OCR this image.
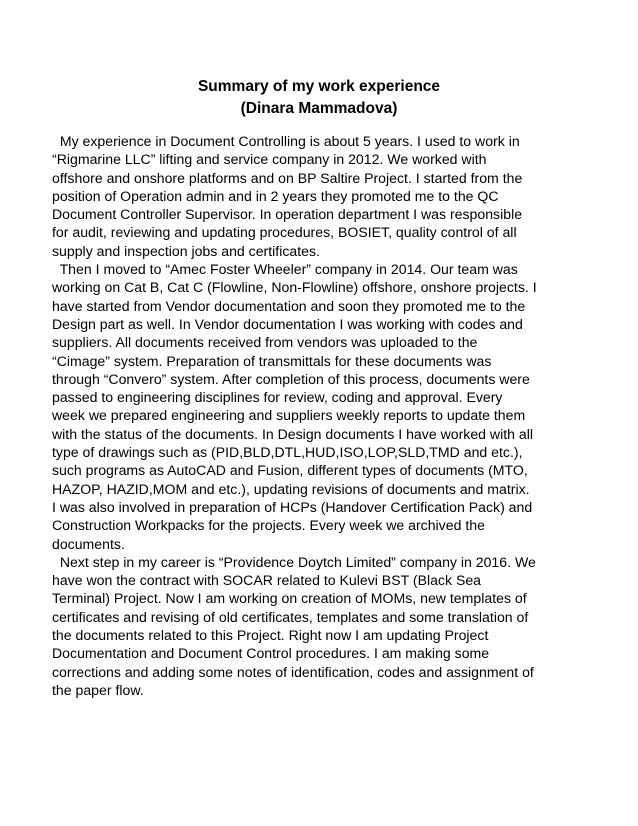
Summary of my work experience
(Dinara Mammadova)
My experience in Document Controlling is about 5 years. I used to work in
“Rigmarine LLC” lifting and service company in 2012. We worked with
offshore and onshore platforms and on BP Saltire Project. I started from the
position of Operation admin and in 2 years they promoted me to the QC
Document Controller Supervisor. In operation department I was responsible
for audit, reviewing and updating procedures, BOSIET, quality control of all
supply and inspection jobs and certificates.
Then I moved to “Amec Foster Wheeler” company in 2014. Our team was
working on Cat B, Cat C (Flowline, Non-Flowline) offshore, onshore projects. I
have started from Vendor documentation and soon they promoted me to the
Design part as well. In Vendor documentation I was working with codes and
suppliers. All documents received from vendors was uploaded to the
“Cimage” system. Preparation of transmittals for these documents was
through “Convero” system. After completion of this process, documents were
passed to engineering disciplines for review, coding and approval. Every
week we prepared engineering and suppliers weekly reports to update them
with the status of the documents. In Design documents I have worked with all
type of drawings such as (PID,BLD,DTL,HUD,ISO,LOP,SLD,TMD and etc.),
such programs as AutoCAD and Fusion, different types of documents (MTO,
HAZOP, HAZID,MOM and etc.), updating revisions of documents and matrix.
I was also involved in preparation of HCPs (Handover Certification Pack) and
Construction Workpacks for the projects. Every week we archived the
documents.
Next step in my career is “Providence Doytch Limited” company in 2016. We
have won the contract with SOCAR related to Kulevi BST (Black Sea
Terminal) Project. Now I am working on creation of MOMs, new templates of
certificates and revising of old certificates, templates and some translation of
the documents related to this Project. Right now I am updating Project
Documentation and Document Control procedures. I am making some
corrections and adding some notes of identification, codes and assignment of
the paper flow.
